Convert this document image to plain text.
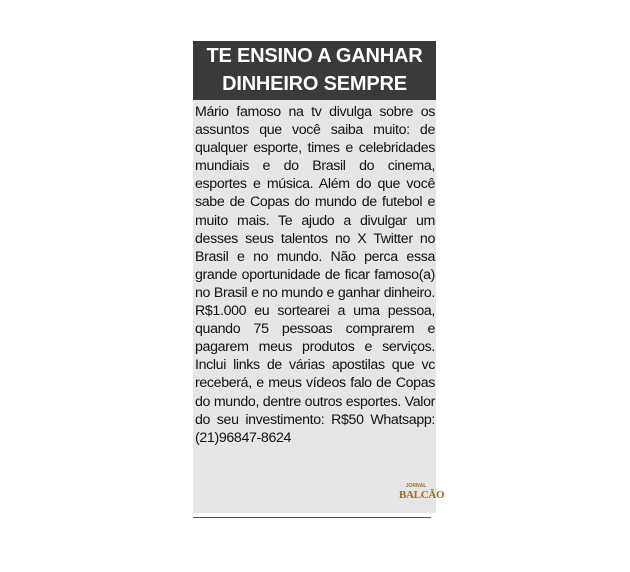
TE ENSINO A GANHAR DINHEIRO SEMPRE
Mário famoso na tv divulga sobre os assuntos que você saiba muito: de qualquer esporte, times e celebridades mundiais e do Brasil do cinema, esportes e música. Além do que você sabe de Copas do mundo de futebol e muito mais. Te ajudo a divulgar um desses seus talentos no X Twitter no Brasil e no mundo. Não perca essa grande oportunidade de ficar famoso(a) no Brasil e no mundo e ganhar dinheiro. R$1.000 eu sortearei a uma pessoa, quando 75 pessoas comprarem e pagarem meus produtos e serviços. Inclui links de várias apostilas que vc receberá, e meus vídeos falo de Copas do mundo, dentre outros esportes. Valor do seu investimento: R$50 Whatsapp: (21)96847-8624
JORNAL
BALCÃO
